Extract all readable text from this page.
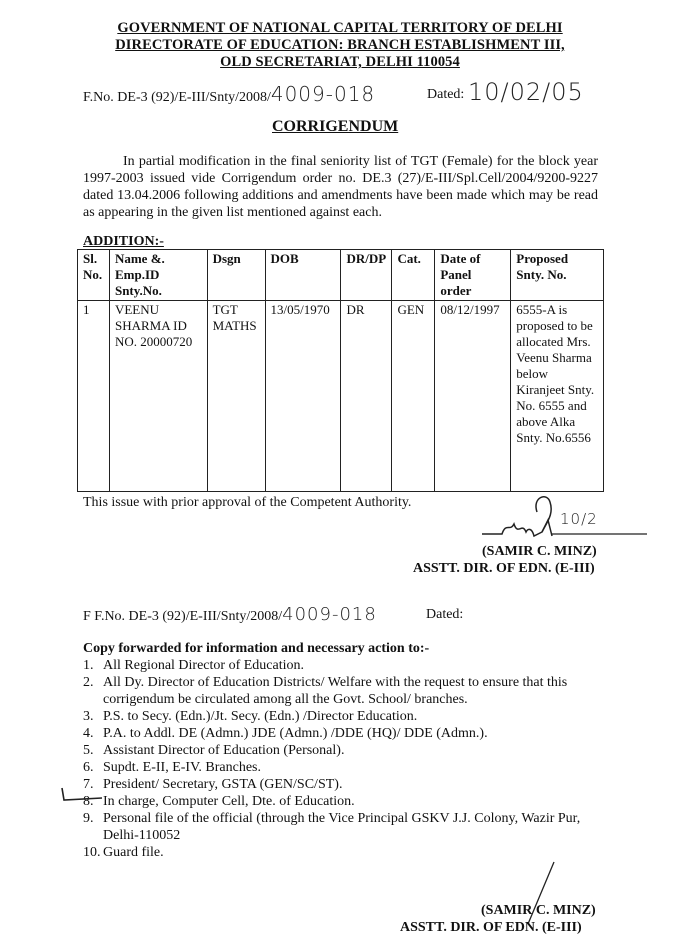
GOVERNMENT OF NATIONAL CAPITAL TERRITORY OF DELHI
DIRECTORATE OF EDUCATION: BRANCH ESTABLISHMENT III,
OLD SECRETARIAT, DELHI 110054
F.No. DE-3 (92)/E-III/Snty/2008/4009-018	Dated: 10/02/05
CORRIGENDUM
In partial modification in the final seniority list of TGT (Female) for the block year 1997-2003 issued vide Corrigendum order no. DE.3 (27)/E-III/Spl.Cell/2004/9200-9227 dated 13.04.2006 following additions and amendments have been made which may be read as appearing in the given list mentioned against each.
ADDITION:-
Sl. No.	Name &. Emp.ID Snty.No.	Dsgn	DOB	DR/DP	Cat.	Date of Panel order	Proposed Snty. No.
1	VEENU SHARMA ID NO. 20000720	TGT MATHS	13/05/1970	DR	GEN	08/12/1997	6555-A is proposed to be allocated Mrs. Veenu Sharma below Kiranjeet Snty. No. 6555 and above Alka Snty. No.6556
This issue with prior approval of the Competent Authority.
10/2
(SAMIR C. MINZ)
ASSTT. DIR. OF EDN. (E-III)
F F.No. DE-3 (92)/E-III/Snty/2008/4009-018	Dated:
Copy forwarded for information and necessary action to:-
1. All Regional Director of Education.
2. All Dy. Director of Education Districts/ Welfare with the request to ensure that this corrigendum be circulated among all the Govt. School/ branches.
3. P.S. to Secy. (Edn.)/Jt. Secy. (Edn.) /Director Education.
4. P.A. to Addl. DE (Admn.) JDE (Admn.) /DDE (HQ)/ DDE (Admn.).
5. Assistant Director of Education (Personal).
6. Supdt. E-II, E-IV. Branches.
7. President/ Secretary, GSTA (GEN/SC/ST).
8. In charge, Computer Cell, Dte. of Education.
9. Personal file of the official (through the Vice Principal GSKV J.J. Colony, Wazir Pur, Delhi-110052
10. Guard file.
(SAMIR C. MINZ)
ASSTT. DIR. OF EDN. (E-III)
